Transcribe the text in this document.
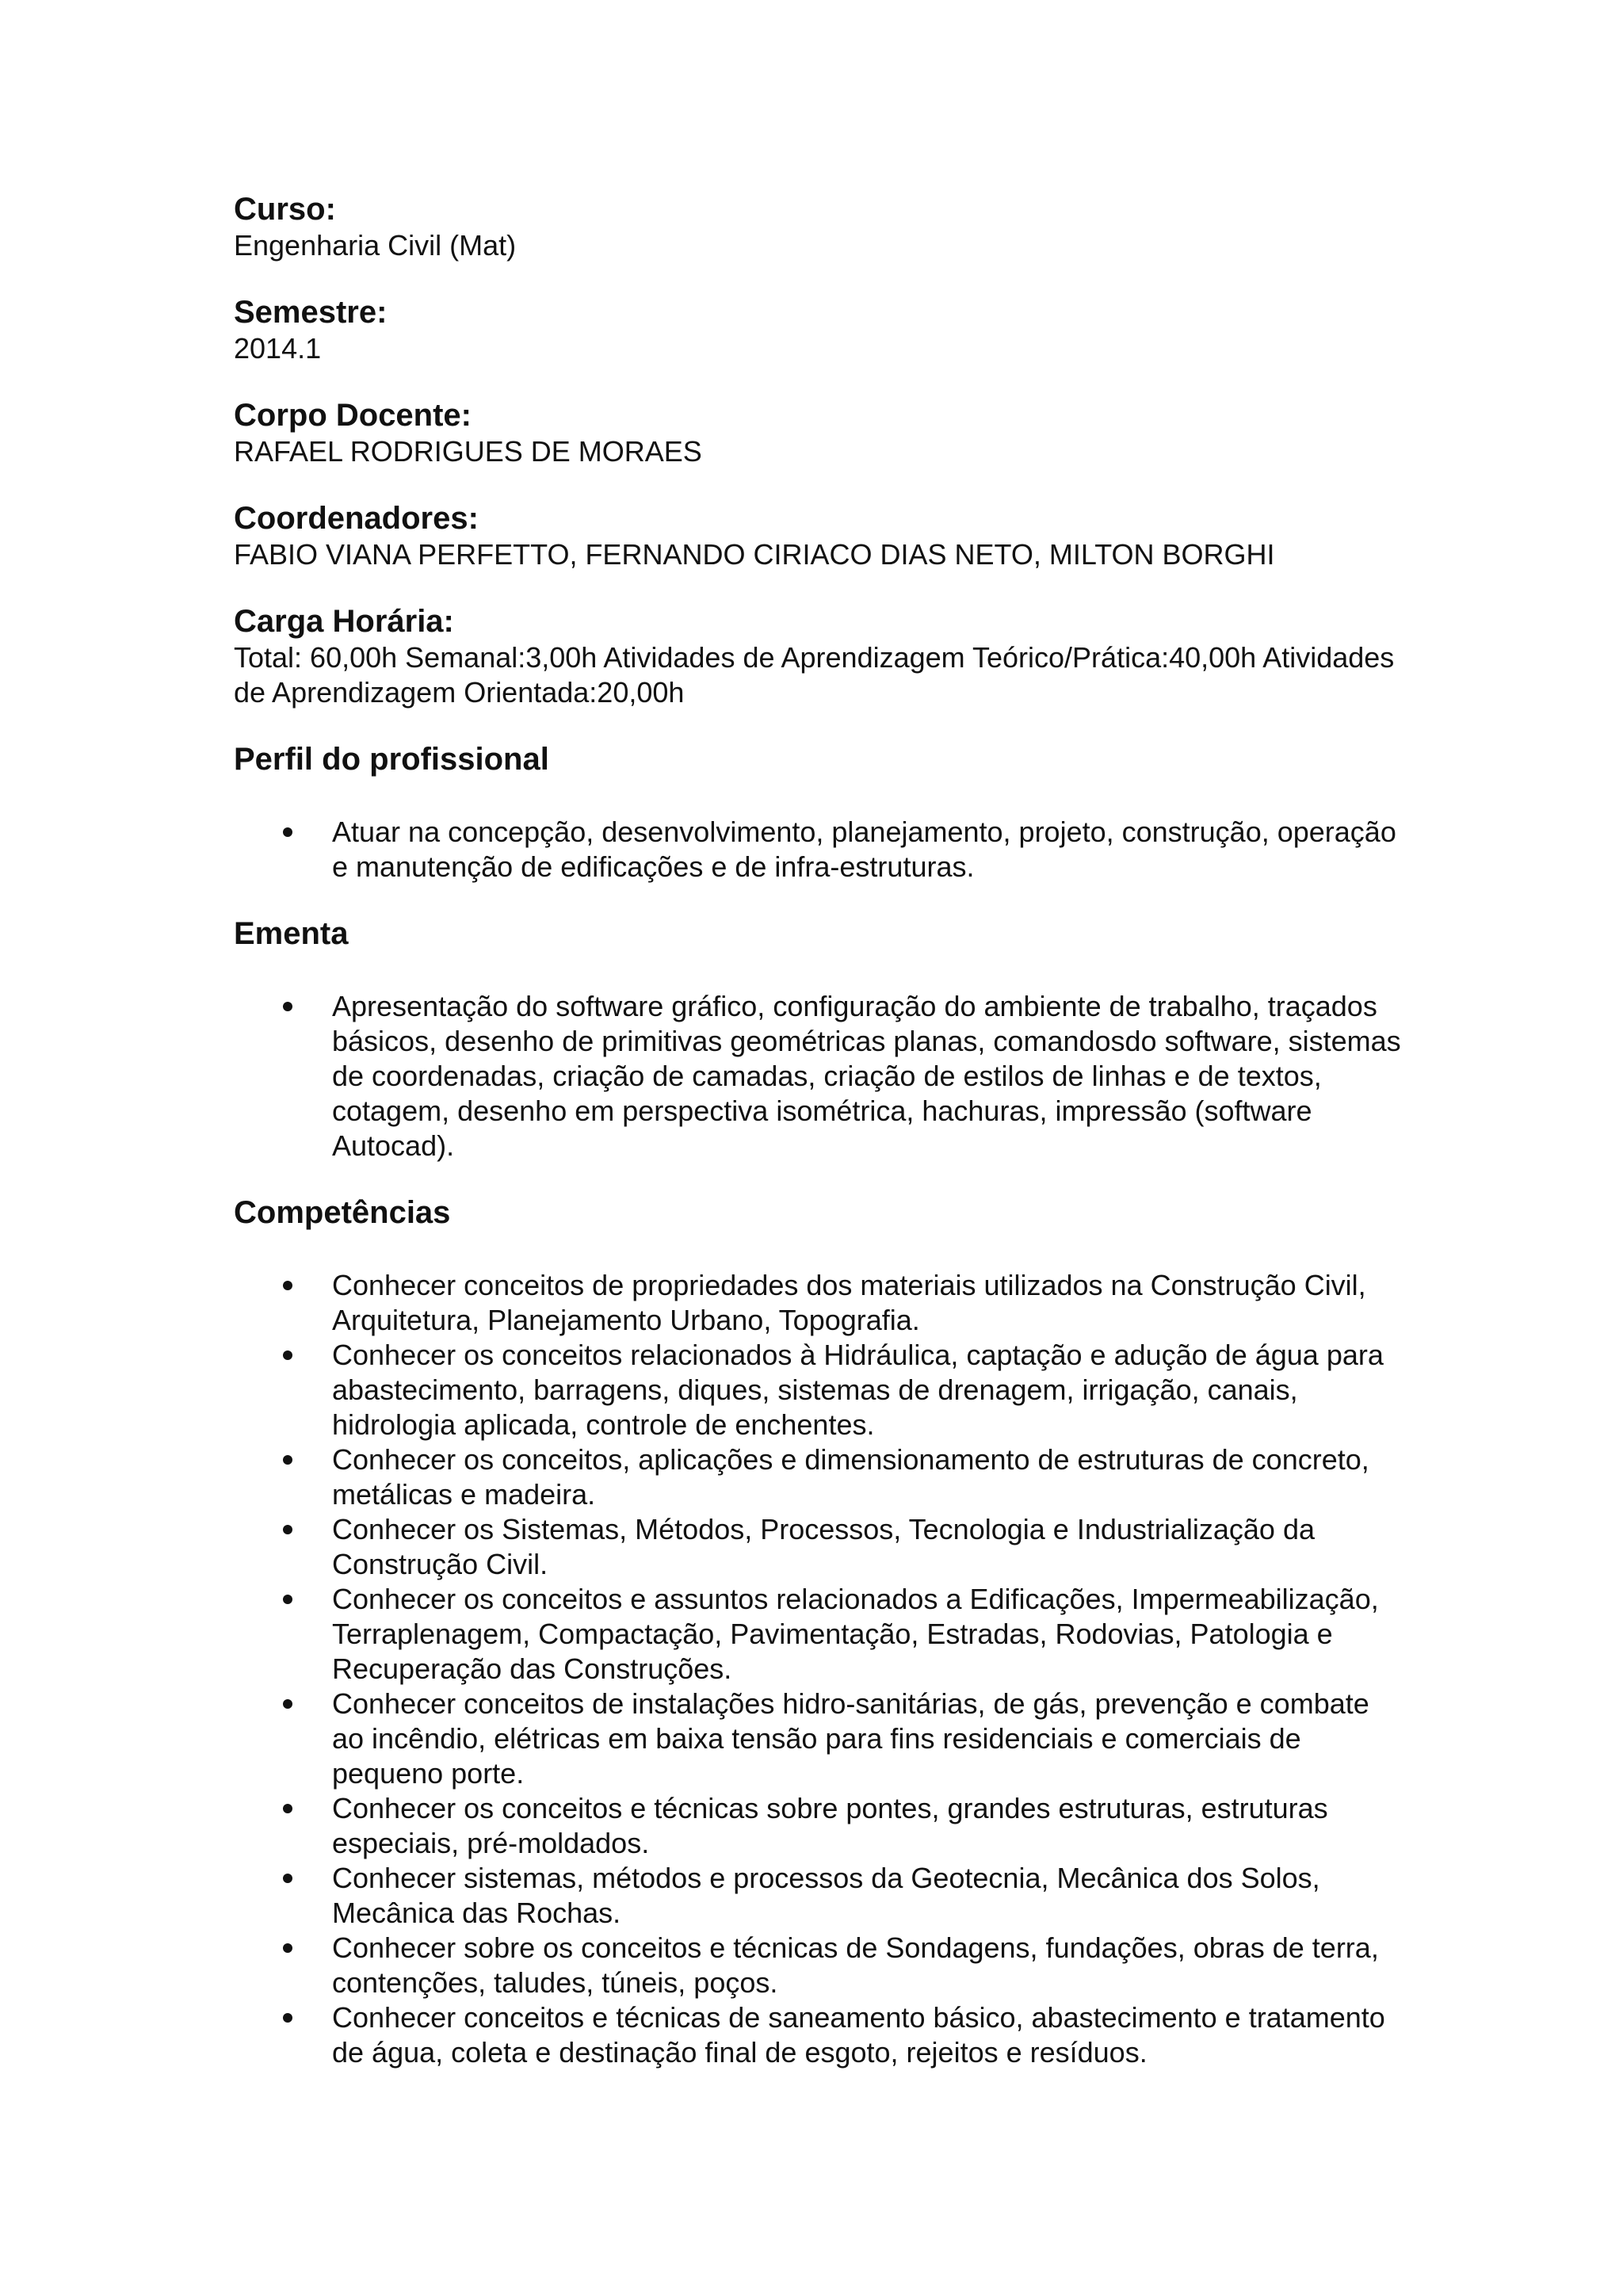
Curso:

Engenharia Civil (Mat)

Semestre:

2014.1

Corpo Docente:

RAFAEL RODRIGUES DE MORAES

Coordenadores:

FABIO VIANA PERFETTO, FERNANDO CIRIACO DIAS NETO, MILTON BORGHI

Carga Horária:

Total: 60,00h Semanal:3,00h Atividades de Aprendizagem Teórico/Prática:40,00h Atividades de Aprendizagem Orientada:20,00h

Perfil do profissional
Atuar na concepção, desenvolvimento, planejamento, projeto, construção, operação e manutenção de edificações e de infra-estruturas.
Ementa
Apresentação do software gráfico, configuração do ambiente de trabalho, traçados básicos, desenho de primitivas geométricas planas, comandosdo software, sistemas de coordenadas, criação de camadas, criação de estilos de linhas e de textos, cotagem, desenho em perspectiva isométrica, hachuras, impressão (software Autocad).
Competências
Conhecer conceitos de propriedades dos materiais utilizados na Construção Civil, Arquitetura, Planejamento Urbano, Topografia.
Conhecer os conceitos relacionados à Hidráulica, captação e adução de água para abastecimento, barragens, diques, sistemas de drenagem, irrigação, canais, hidrologia aplicada, controle de enchentes.
Conhecer os conceitos, aplicações e dimensionamento de estruturas de concreto, metálicas e madeira.
Conhecer os Sistemas, Métodos, Processos, Tecnologia e Industrialização da Construção Civil.
Conhecer os conceitos e assuntos relacionados a Edificações, Impermeabilização, Terraplenagem, Compactação, Pavimentação, Estradas, Rodovias, Patologia e Recuperação das Construções.
Conhecer conceitos de instalações hidro-sanitárias, de gás, prevenção e combate ao incêndio, elétricas em baixa tensão para fins residenciais e comerciais de pequeno porte.
Conhecer os conceitos e técnicas sobre pontes, grandes estruturas, estruturas especiais, pré-moldados.
Conhecer sistemas, métodos e processos da Geotecnia, Mecânica dos Solos, Mecânica das Rochas.
Conhecer sobre os conceitos e técnicas de Sondagens, fundações, obras de terra, contenções, taludes, túneis, poços.
Conhecer conceitos e técnicas de saneamento básico, abastecimento e tratamento de água, coleta e destinação final de esgoto, rejeitos e resíduos.
